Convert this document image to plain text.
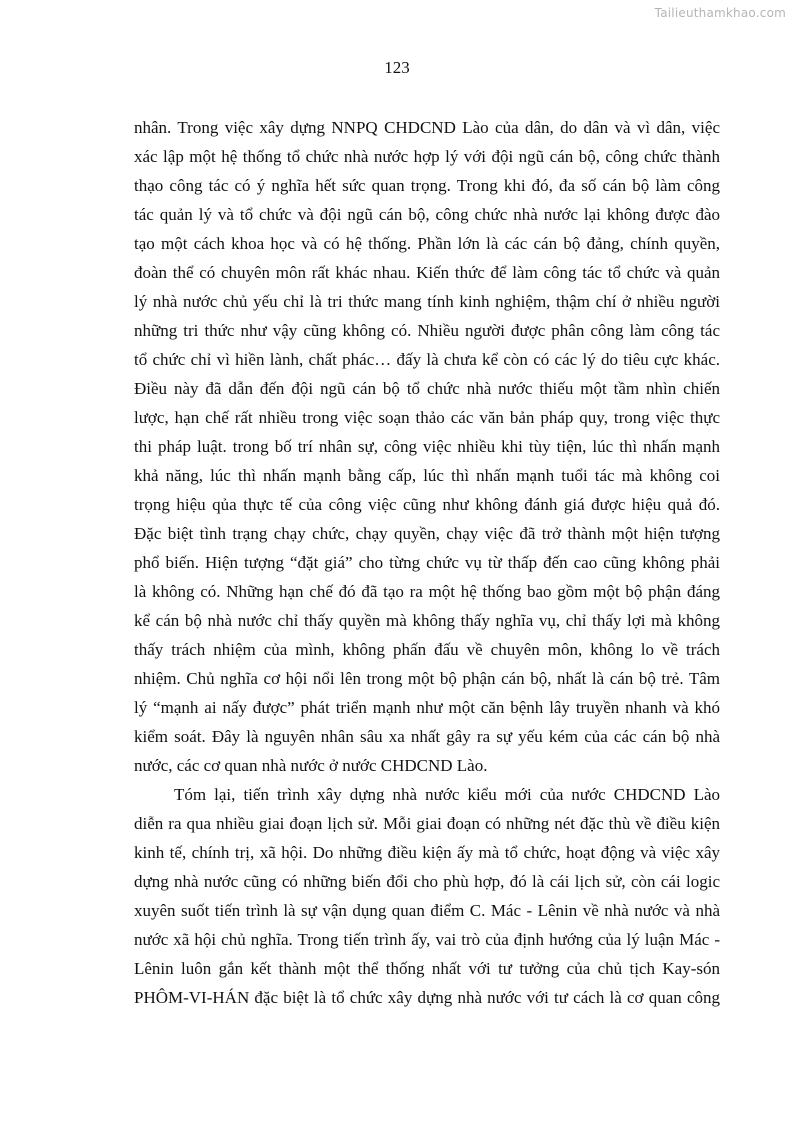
Tailieuthamkhao.com
123
nhân. Trong việc xây dựng NNPQ CHDCND Lào của dân, do dân và vì dân, việc
xác lập một hệ thống tổ chức nhà nước hợp lý với đội ngũ cán bộ, công chức thành
thạo công tác có ý nghĩa hết sức quan trọng. Trong khi đó, đa số cán bộ làm công
tác quản lý và tổ chức và đội ngũ cán bộ, công chức nhà nước lại không được đào
tạo một cách khoa học và có hệ thống. Phần lớn là các cán bộ đảng, chính quyền,
đoàn thể có chuyên môn rất khác nhau. Kiến thức để làm công tác tổ chức và quản
lý nhà nước chủ yếu chỉ là tri thức mang tính kinh nghiệm, thậm chí ở nhiều người
những tri thức như vậy cũng không có. Nhiều người được phân công làm công tác
tổ chức chỉ vì hiền lành, chất phác… đấy là chưa kể còn có các lý do tiêu cực khác.
Điều này đã dẫn đến đội ngũ cán bộ tổ chức nhà nước thiếu một tầm nhìn chiến
lược, hạn chế rất nhiều trong việc soạn thảo các văn bản pháp quy, trong việc thực
thi pháp luật. trong bố trí nhân sự, công việc nhiều khi tùy tiện, lúc thì nhấn mạnh
khả năng, lúc thì nhấn mạnh bằng cấp, lúc thì nhấn mạnh tuổi tác mà không coi
trọng hiệu qủa thực tế của công việc cũng như không đánh giá được hiệu quả đó.
Đặc biệt tình trạng chạy chức, chạy quyền, chạy việc đã trở thành một hiện tượng
phổ biến. Hiện tượng “đặt giá” cho từng chức vụ từ thấp đến cao cũng không phải
là không có. Những hạn chế đó đã tạo ra một hệ thống bao gồm một bộ phận đáng
kể cán bộ nhà nước chỉ thấy quyền mà không thấy nghĩa vụ, chỉ thấy lợi mà không
thấy trách nhiệm của mình, không phấn đấu về chuyên môn, không lo về trách
nhiệm. Chủ nghĩa cơ hội nổi lên trong một bộ phận cán bộ, nhất là cán bộ trẻ. Tâm
lý “mạnh ai nấy được” phát triển mạnh như một căn bệnh lây truyền nhanh và khó
kiểm soát. Đây là nguyên nhân sâu xa nhất gây ra sự yếu kém của các cán bộ nhà
nước, các cơ quan nhà nước ở nước CHDCND Lào.
Tóm lại, tiến trình xây dựng nhà nước kiểu mới của nước CHDCND Lào
diễn ra qua nhiều giai đoạn lịch sử. Mỗi giai đoạn có những nét đặc thù về điều kiện
kinh tế, chính trị, xã hội. Do những điều kiện ấy mà tổ chức, hoạt động và việc xây
dựng nhà nước cũng có những biến đổi cho phù hợp, đó là cái lịch sử, còn cái logic
xuyên suốt tiến trình là sự vận dụng quan điểm C. Mác - Lênin về nhà nước và nhà
nước xã hội chủ nghĩa. Trong tiến trình ấy, vai trò của định hướng của lý luận Mác -
Lênin luôn gắn kết thành một thể thống nhất với tư tưởng của chủ tịch Kay-són
PHÔM-VI-HÁN đặc biệt là tổ chức xây dựng nhà nước với tư cách là cơ quan công
